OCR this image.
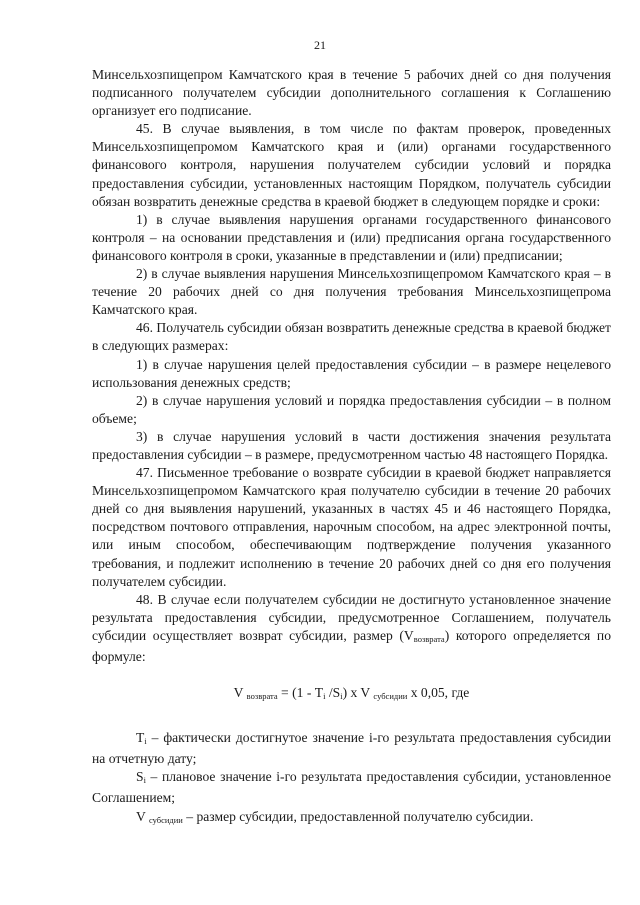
21

Минсельхозпищепром Камчатского края в течение 5 рабочих дней со дня получения подписанного получателем субсидии дополнительного соглашения к Соглашению организует его подписание.

45. В случае выявления, в том числе по фактам проверок, проведенных Минсельхозпищепромом Камчатского края и (или) органами государственного финансового контроля, нарушения получателем субсидии условий и порядка предоставления субсидии, установленных настоящим Порядком, получатель субсидии обязан возвратить денежные средства в краевой бюджет в следующем порядке и сроки:

1) в случае выявления нарушения органами государственного финансового контроля – на основании представления и (или) предписания органа государственного финансового контроля в сроки, указанные в представлении и (или) предписании;

2) в случае выявления нарушения Минсельхозпищепромом Камчатского края – в течение 20 рабочих дней со дня получения требования Минсельхозпищепрома Камчатского края.

46. Получатель субсидии обязан возвратить денежные средства в краевой бюджет в следующих размерах:

1) в случае нарушения целей предоставления субсидии – в размере нецелевого использования денежных средств;

2) в случае нарушения условий и порядка предоставления субсидии – в полном объеме;

3) в случае нарушения условий в части достижения значения результата предоставления субсидии – в размере, предусмотренном частью 48 настоящего Порядка.

47. Письменное требование о возврате субсидии в краевой бюджет направляется Минсельхозпищепромом Камчатского края получателю субсидии в течение 20 рабочих дней со дня выявления нарушений, указанных в частях 45 и 46 настоящего Порядка, посредством почтового отправления, нарочным способом, на адрес электронной почты, или иным способом, обеспечивающим подтверждение получения указанного требования, и подлежит исполнению в течение 20 рабочих дней со дня его получения получателем субсидии.

48. В случае если получателем субсидии не достигнуто установленное значение результата предоставления субсидии, предусмотренное Соглашением, получатель субсидии осуществляет возврат субсидии, размер $(V_{возврата})$ которого определяется по формуле:

V $_{возврата}$ = (1 - Ti /Si) x V $_{субсидии}$ x 0,05, где

Ti – фактически достигнутое значение i-го результата предоставления субсидии на отчетную дату;

Si – плановое значение i-го результата предоставления субсидии, установленное Соглашением;

V $_{субсидии}$ – размер субсидии, предоставленной получателю субсидии.
